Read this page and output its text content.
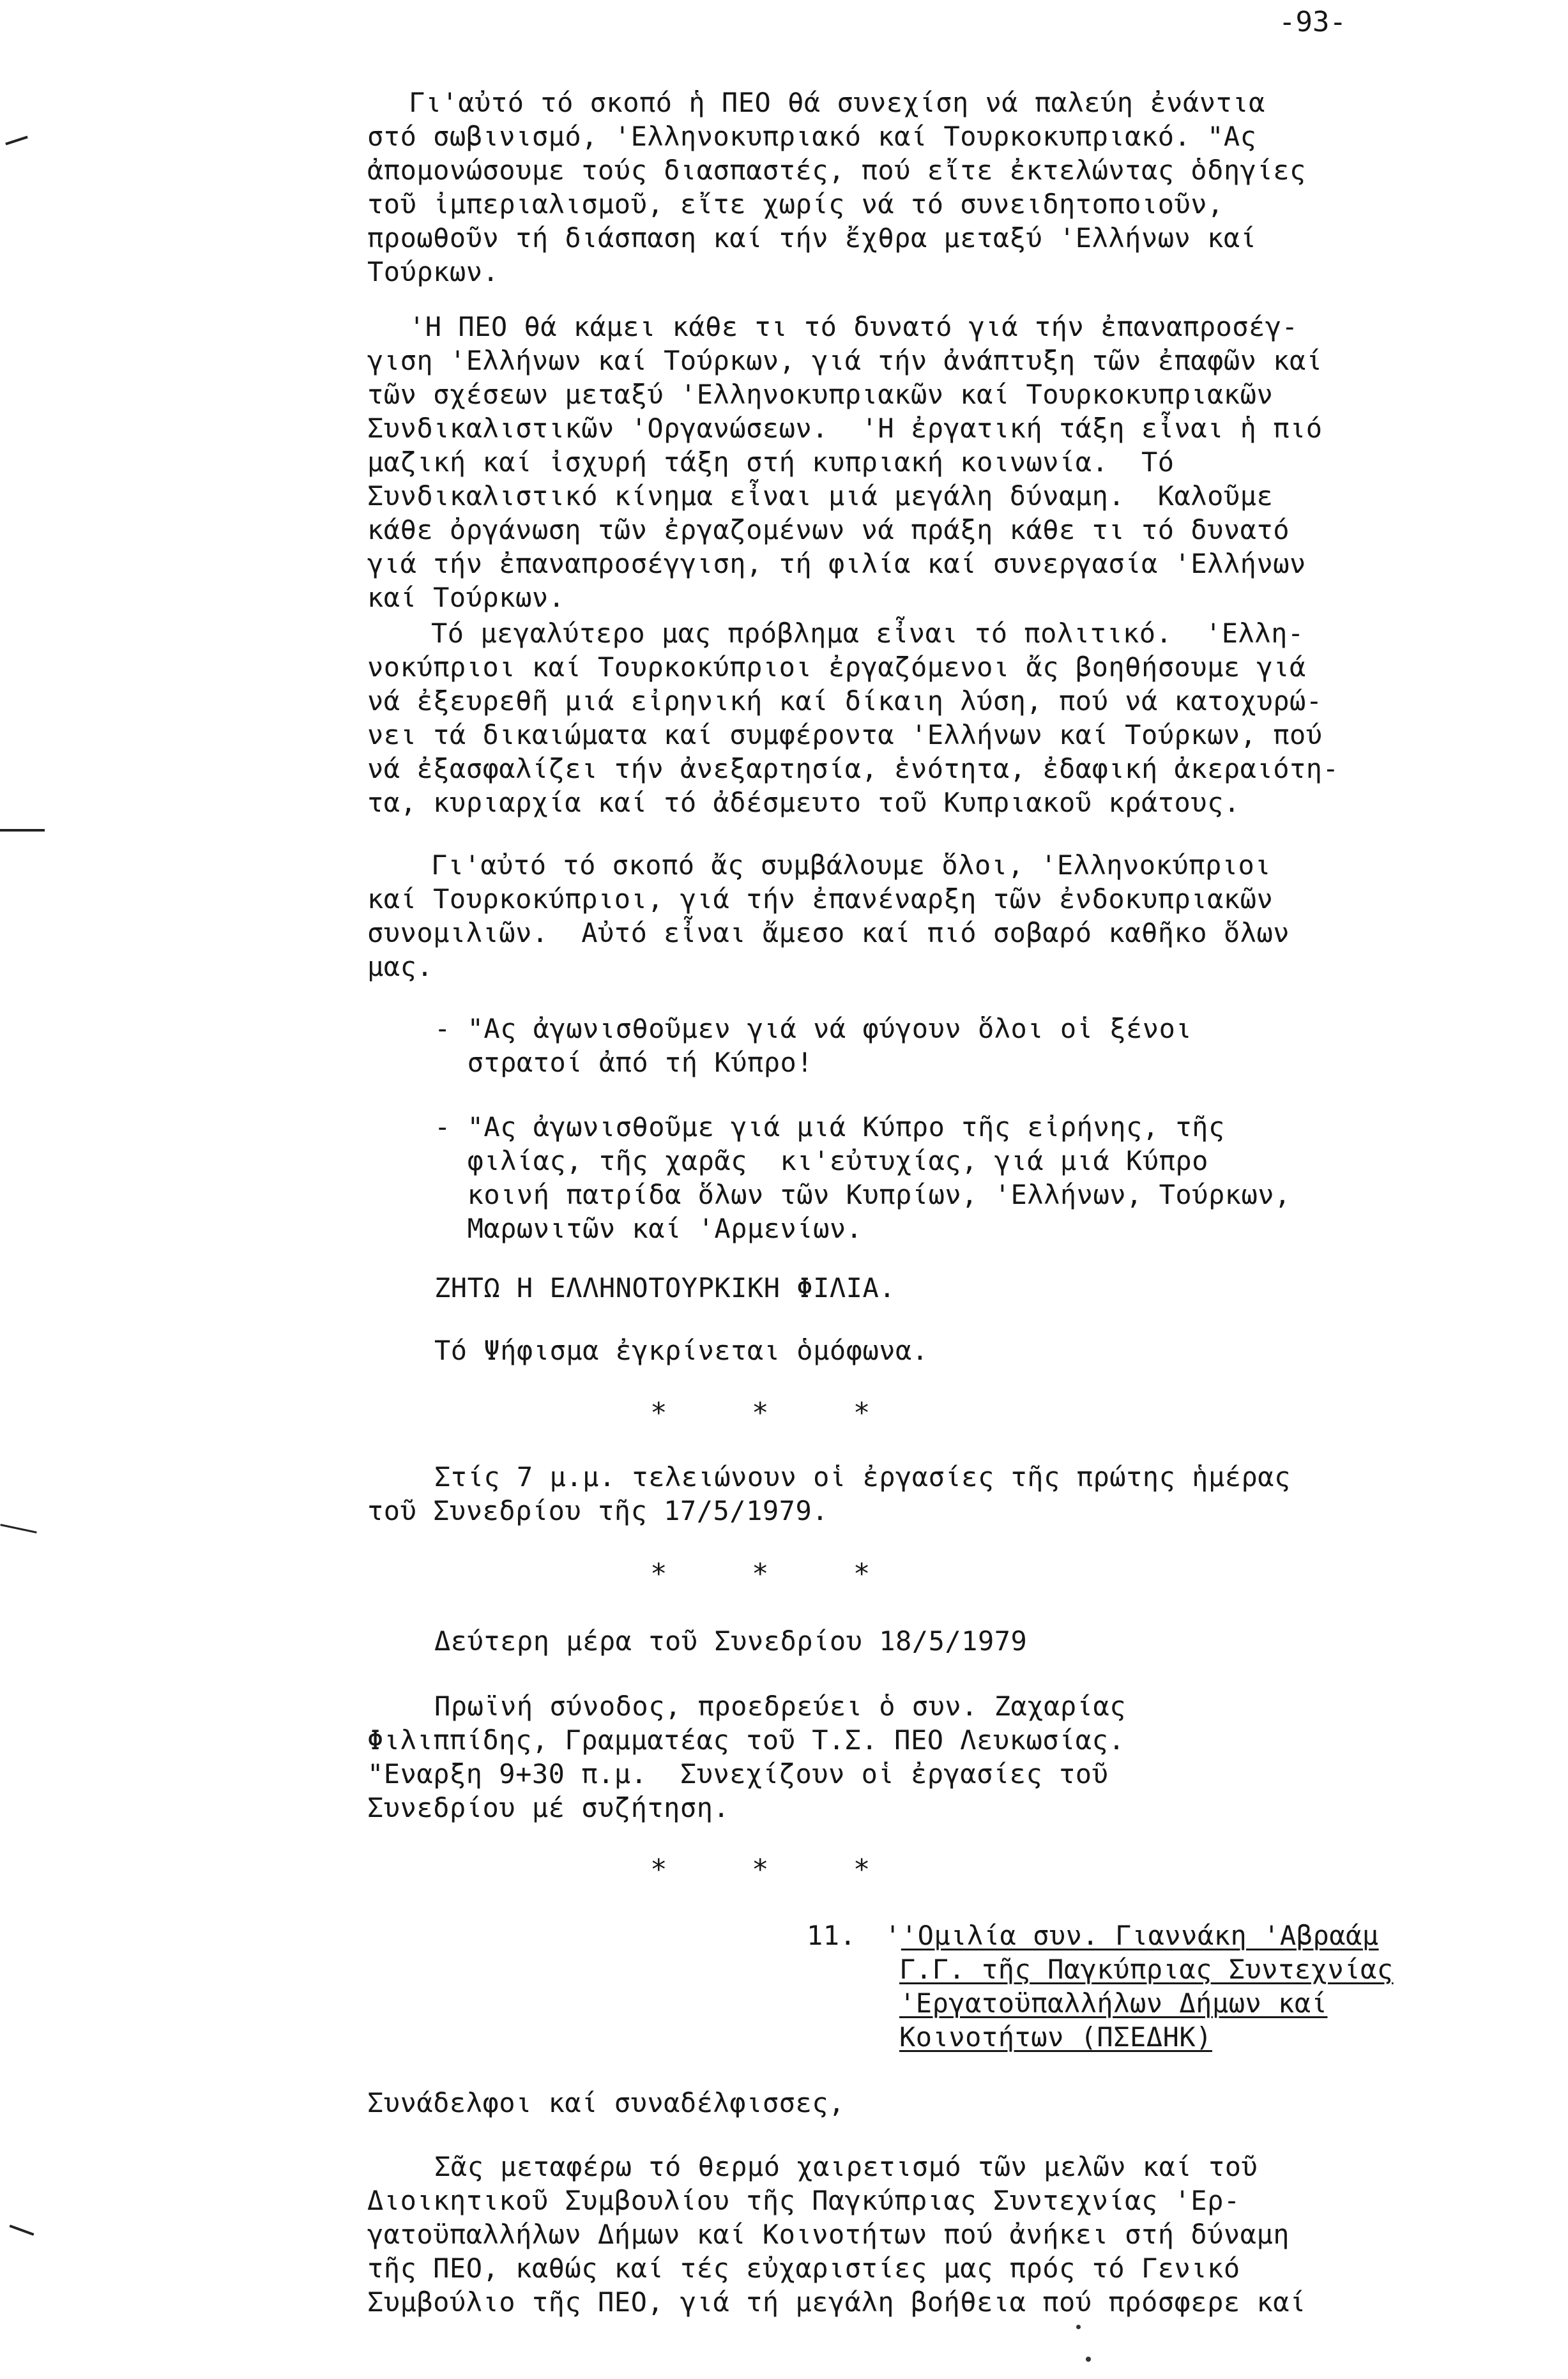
-93-
Γι'αὐτό τό σκοπό ἡ ΠΕΟ θά συνεχίση νά παλεύη ἐνάντια
στό σωβινισμό, 'Ελληνοκυπριακό καί Τουρκοκυπριακό. "Ας
ἀπομονώσουμε τούς διασπαστές, πού εἴτε ἐκτελώντας ὁδηγίες
τοῦ ἰμπεριαλισμοῦ, εἴτε χωρίς νά τό συνειδητοποιοῦν,
προωθοῦν τή διάσπαση καί τήν ἔχθρα μεταξύ 'Ελλήνων καί
Τούρκων.
'Η ΠΕΟ θά κάμει κάθε τι τό δυνατό γιά τήν ἐπαναπροσέγ-
γιση 'Ελλήνων καί Τούρκων, γιά τήν ἀνάπτυξη τῶν ἐπαφῶν καί
τῶν σχέσεων μεταξύ 'Ελληνοκυπριακῶν καί Τουρκοκυπριακῶν
Συνδικαλιστικῶν 'Οργανώσεων.  'Η ἐργατική τάξη εἶναι ἡ πιό
μαζική καί ἰσχυρή τάξη στή κυπριακή κοινωνία.  Τό
Συνδικαλιστικό κίνημα εἶναι μιά μεγάλη δύναμη.  Καλοῦμε
κάθε ὀργάνωση τῶν ἐργαζομένων νά πράξη κάθε τι τό δυνατό
γιά τήν ἐπαναπροσέγγιση, τή φιλία καί συνεργασία 'Ελλήνων
καί Τούρκων.
Τό μεγαλύτερο μας πρόβλημα εἶναι τό πολιτικό.  'Ελλη-
νοκύπριοι καί Τουρκοκύπριοι ἐργαζόμενοι ἄς βοηθήσουμε γιά
νά ἐξευρεθῆ μιά εἰρηνική καί δίκαιη λύση, πού νά κατοχυρώ-
νει τά δικαιώματα καί συμφέροντα 'Ελλήνων καί Τούρκων, πού
νά ἐξασφαλίζει τήν ἀνεξαρτησία, ἑνότητα, ἐδαφική ἀκεραιότη-
τα, κυριαρχία καί τό ἀδέσμευτο τοῦ Κυπριακοῦ κράτους.
Γι'αὐτό τό σκοπό ἄς συμβάλουμε ὅλοι, 'Ελληνοκύπριοι
καί Τουρκοκύπριοι, γιά τήν ἐπανέναρξη τῶν ἐνδοκυπριακῶν
συνομιλιῶν.  Αὐτό εἶναι ἄμεσο καί πιό σοβαρό καθῆκο ὅλων
μας.
- "Ας ἀγωνισθοῦμεν γιά νά φύγουν ὅλοι οἱ ξένοι
στρατοί ἀπό τή Κύπρο!
- "Ας ἀγωνισθοῦμε γιά μιά Κύπρο τῆς εἰρήνης, τῆς
φιλίας, τῆς χαρᾶς  κι'εὐτυχίας, γιά μιά Κύπρο
κοινή πατρίδα ὅλων τῶν Κυπρίων, 'Ελλήνων, Τούρκων,
Μαρωνιτῶν καί 'Αρμενίων.
ΖΗΤΩ Η ΕΛΛΗΝΟΤΟΥΡΚΙΚΗ ΦΙΛΙΑ.
Τό Ψήφισμα ἐγκρίνεται ὁμόφωνα.
*     *     *
Στίς 7 μ.μ. τελειώνουν οἱ ἐργασίες τῆς πρώτης ἡμέρας
τοῦ Συνεδρίου τῆς 17/5/1979.
*     *     *
Δεύτερη μέρα τοῦ Συνεδρίου 18/5/1979
Πρωϊνή σύνοδος, προεδρεύει ὁ συν. Ζαχαρίας
Φιλιππίδης, Γραμματέας τοῦ Τ.Σ. ΠΕΟ Λευκωσίας.
"Εναρξη 9+30 π.μ.  Συνεχίζουν οἱ ἐργασίες τοῦ
Συνεδρίου μέ συζήτηση.
*     *     *
11. ''Ομιλία συν. Γιαννάκη 'Αβραάμ
Γ.Γ. τῆς Παγκύπριας Συντεχνίας
'Εργατοϋπαλλήλων Δήμων καί
Κοινοτήτων (ΠΣΕΔΗΚ)
Συνάδελφοι καί συναδέλφισσες,
Σᾶς μεταφέρω τό θερμό χαιρετισμό τῶν μελῶν καί τοῦ
Διοικητικοῦ Συμβουλίου τῆς Παγκύπριας Συντεχνίας 'Ερ-
γατοϋπαλλήλων Δήμων καί Κοινοτήτων πού ἀνήκει στή δύναμη
τῆς ΠΕΟ, καθώς καί τές εὐχαριστίες μας πρός τό Γενικό
Συμβούλιο τῆς ΠΕΟ, γιά τή μεγάλη βοήθεια πού πρόσφερε καί
